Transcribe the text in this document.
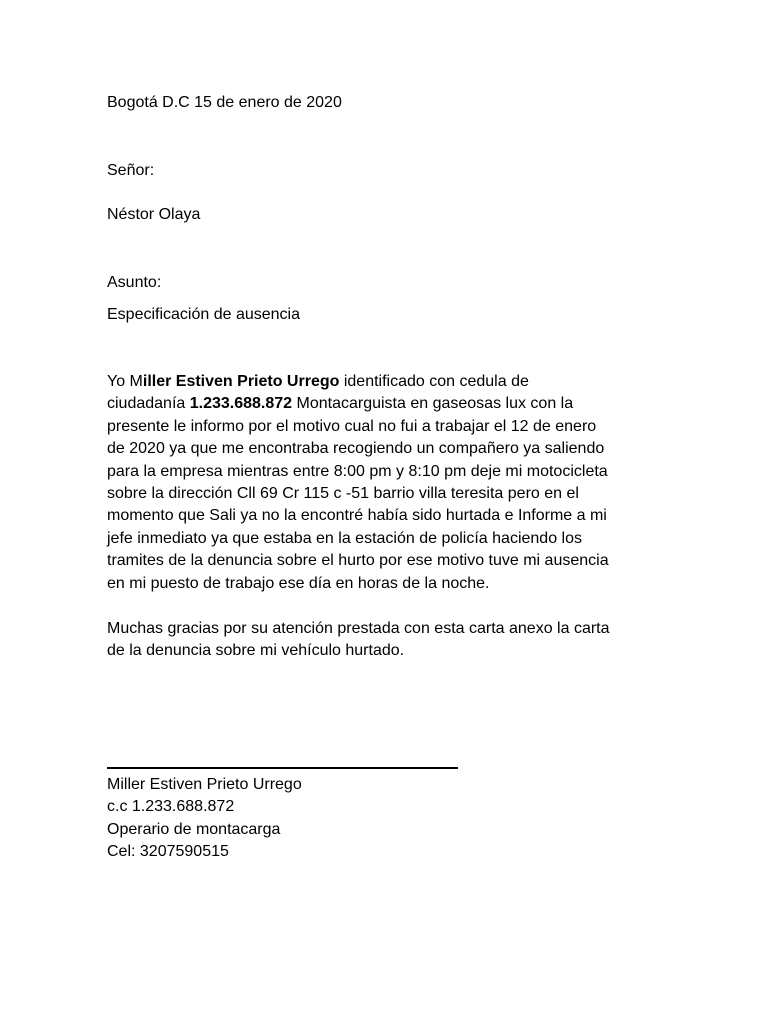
Bogotá D.C 15 de enero de 2020
Señor:
Néstor Olaya
Asunto:
Especificación de ausencia
Yo Miller Estiven Prieto Urrego identificado con cedula de
ciudadanía 1.233.688.872 Montacarguista en gaseosas lux con la
presente le informo por el motivo cual no fui a trabajar el 12 de enero
de 2020 ya que me encontraba recogiendo un compañero ya saliendo
para la empresa mientras entre 8:00 pm y 8:10 pm deje mi motocicleta
sobre la dirección Cll 69 Cr 115 c -51 barrio villa teresita pero en el
momento que Sali ya no la encontré había sido hurtada e Informe a mi
jefe inmediato ya que estaba en la estación de policía haciendo los
tramites de la denuncia sobre el hurto por ese motivo tuve mi ausencia
en mi puesto de trabajo ese día en horas de la noche.
Muchas gracias por su atención prestada con esta carta anexo la carta
de la denuncia sobre mi vehículo hurtado.
Miller Estiven Prieto Urrego
c.c 1.233.688.872
Operario de montacarga
Cel: 3207590515
